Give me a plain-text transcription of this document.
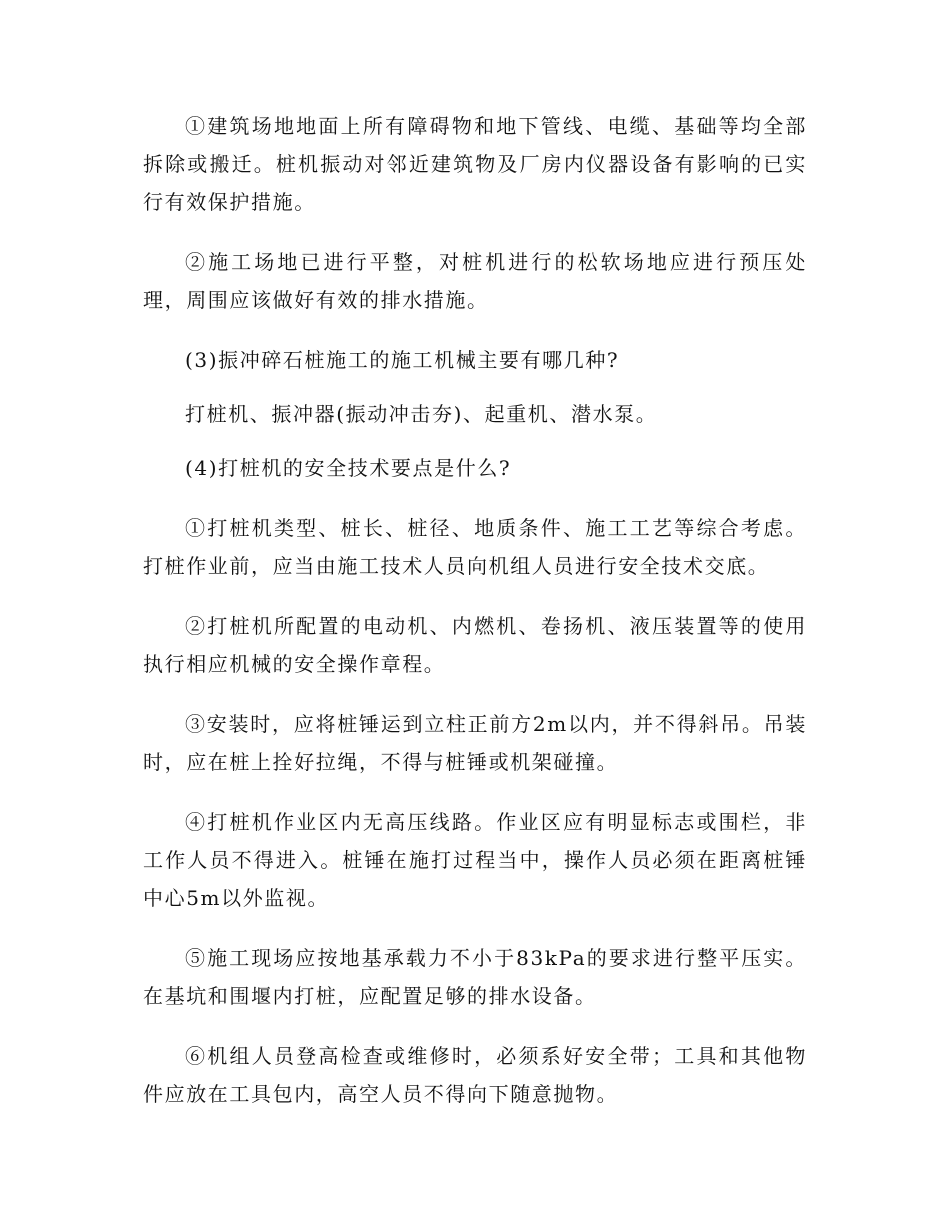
①建筑场地地面上所有障碍物和地下管线、电缆、基础等均全部拆除或搬迁。桩机振动对邻近建筑物及厂房内仪器设备有影响的已实行有效保护措施。

②施工场地已进行平整，对桩机进行的松软场地应进行预压处理，周围应该做好有效的排水措施。

(3)振冲碎石桩施工的施工机械主要有哪几种?

打桩机、振冲器(振动冲击夯)、起重机、潜水泵。

(4)打桩机的安全技术要点是什么?

①打桩机类型、桩长、桩径、地质条件、施工工艺等综合考虑。打桩作业前，应当由施工技术人员向机组人员进行安全技术交底。

②打桩机所配置的电动机、内燃机、卷扬机、液压装置等的使用执行相应机械的安全操作章程。

③安装时，应将桩锤运到立柱正前方2m以内，并不得斜吊。吊装时，应在桩上拴好拉绳，不得与桩锤或机架碰撞。

④打桩机作业区内无高压线路。作业区应有明显标志或围栏，非工作人员不得进入。桩锤在施打过程当中，操作人员必须在距离桩锤中心5m以外监视。

⑤施工现场应按地基承载力不小于83kPa的要求进行整平压实。在基坑和围堰内打桩，应配置足够的排水设备。

⑥机组人员登高检查或维修时，必须系好安全带；工具和其他物件应放在工具包内，高空人员不得向下随意抛物。
